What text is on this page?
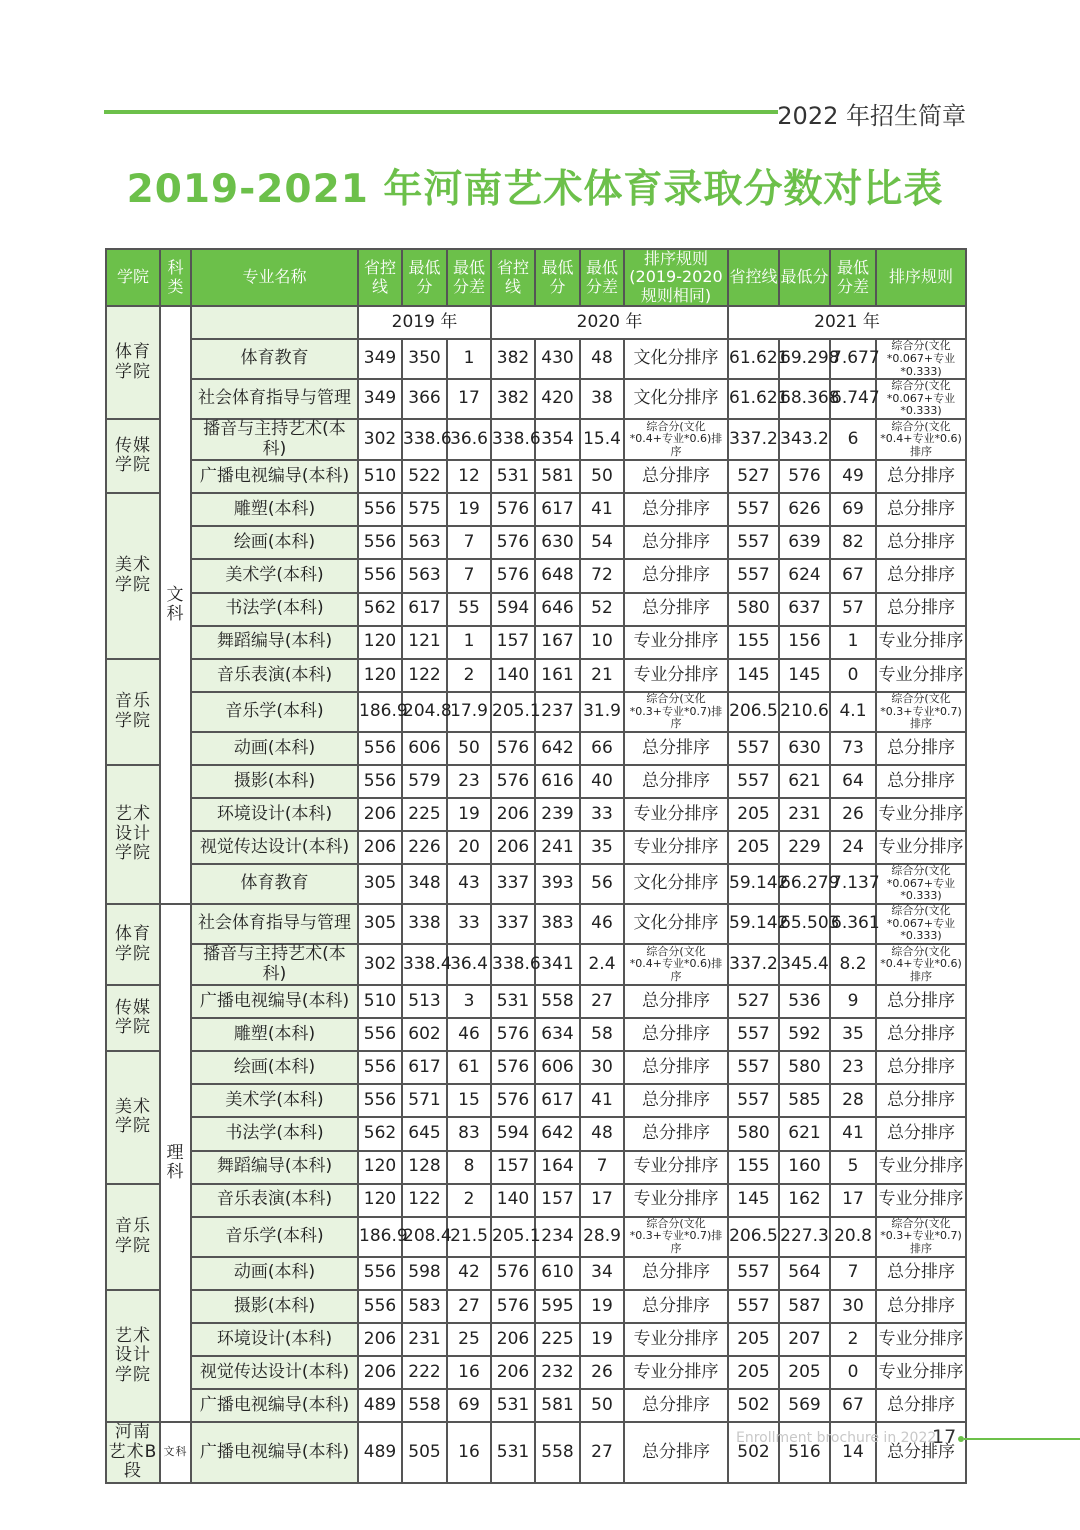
2022 年招生简章
2019-2021 年河南艺术体育录取分数对比表
学院	科类	专业名称	省控线	最低分	最低分差	省控线	最低分	最低分差	排序规则(2019-2020 规则相同)	省控线	最低分	最低分差	排序规则
体育学院	文科		2019 年			2020 年				2021 年			
		体育教育	349	350	1	382	430	48	文化分排序	61.621	69.298	7.677	综合分(文化*0.067+专业*0.333)
		社会体育指导与管理	349	366	17	382	420	38	文化分排序	61.621	68.368	6.747	综合分(文化*0.067+专业*0.333)
传媒学院		播音与主持艺术(本科)	302	338.6	36.6	338.6	354	15.4	综合分(文化*0.4+专业*0.6)排序	337.2	343.2	6	综合分(文化*0.4+专业*0.6)排序
		广播电视编导(本科)	510	522	12	531	581	50	总分排序	527	576	49	总分排序
美术学院		雕塑(本科)	556	575	19	576	617	41	总分排序	557	626	69	总分排序
		绘画(本科)	556	563	7	576	630	54	总分排序	557	639	82	总分排序
		美术学(本科)	556	563	7	576	648	72	总分排序	557	624	67	总分排序
		书法学(本科)	562	617	55	594	646	52	总分排序	580	637	57	总分排序
		舞蹈编导(本科)	120	121	1	157	167	10	专业分排序	155	156	1	专业分排序
音乐学院		音乐表演(本科)	120	122	2	140	161	21	专业分排序	145	145	0	专业分排序
		音乐学(本科)	186.9	204.8	17.9	205.1	237	31.9	综合分(文化*0.3+专业*0.7)排序	206.5	210.6	4.1	综合分(文化*0.3+专业*0.7)排序
		动画(本科)	556	606	50	576	642	66	总分排序	557	630	73	总分排序
艺术设计学院		摄影(本科)	556	579	23	576	616	40	总分排序	557	621	64	总分排序
		环境设计(本科)	206	225	19	206	239	33	专业分排序	205	231	26	专业分排序
		视觉传达设计(本科)	206	226	20	206	241	35	专业分排序	205	229	24	专业分排序
		体育教育	305	348	43	337	393	56	文化分排序	59.142	66.279	7.137	综合分(文化*0.067+专业*0.333)
体育学院	理科	社会体育指导与管理	305	338	33	337	383	46	文化分排序	59.142	65.503	6.361	综合分(文化*0.067+专业*0.333)
		播音与主持艺术(本科)	302	338.4	36.4	338.6	341	2.4	综合分(文化*0.4+专业*0.6)排序	337.2	345.4	8.2	综合分(文化*0.4+专业*0.6)排序
传媒学院		广播电视编导(本科)	510	513	3	531	558	27	总分排序	527	536	9	总分排序
		雕塑(本科)	556	602	46	576	634	58	总分排序	557	592	35	总分排序
美术学院		绘画(本科)	556	617	61	576	606	30	总分排序	557	580	23	总分排序
		美术学(本科)	556	571	15	576	617	41	总分排序	557	585	28	总分排序
		书法学(本科)	562	645	83	594	642	48	总分排序	580	621	41	总分排序
		舞蹈编导(本科)	120	128	8	157	164	7	专业分排序	155	160	5	专业分排序
音乐学院		音乐表演(本科)	120	122	2	140	157	17	专业分排序	145	162	17	专业分排序
		音乐学(本科)	186.9	208.4	21.5	205.1	234	28.9	综合分(文化*0.3+专业*0.7)排序	206.5	227.3	20.8	综合分(文化*0.3+专业*0.7)排序
		动画(本科)	556	598	42	576	610	34	总分排序	557	564	7	总分排序
艺术设计学院		摄影(本科)	556	583	27	576	595	19	总分排序	557	587	30	总分排序
		环境设计(本科)	206	231	25	206	225	19	专业分排序	205	207	2	专业分排序
		视觉传达设计(本科)	206	222	16	206	232	26	专业分排序	205	205	0	专业分排序
		广播电视编导(本科)	489	558	69	531	581	50	总分排序	502	569	67	总分排序
河南艺术B段	文科	广播电视编导(本科)	489	505	16	531	558	27	总分排序	502	516	14	总分排序
Enrollment brochure in 2022
17
